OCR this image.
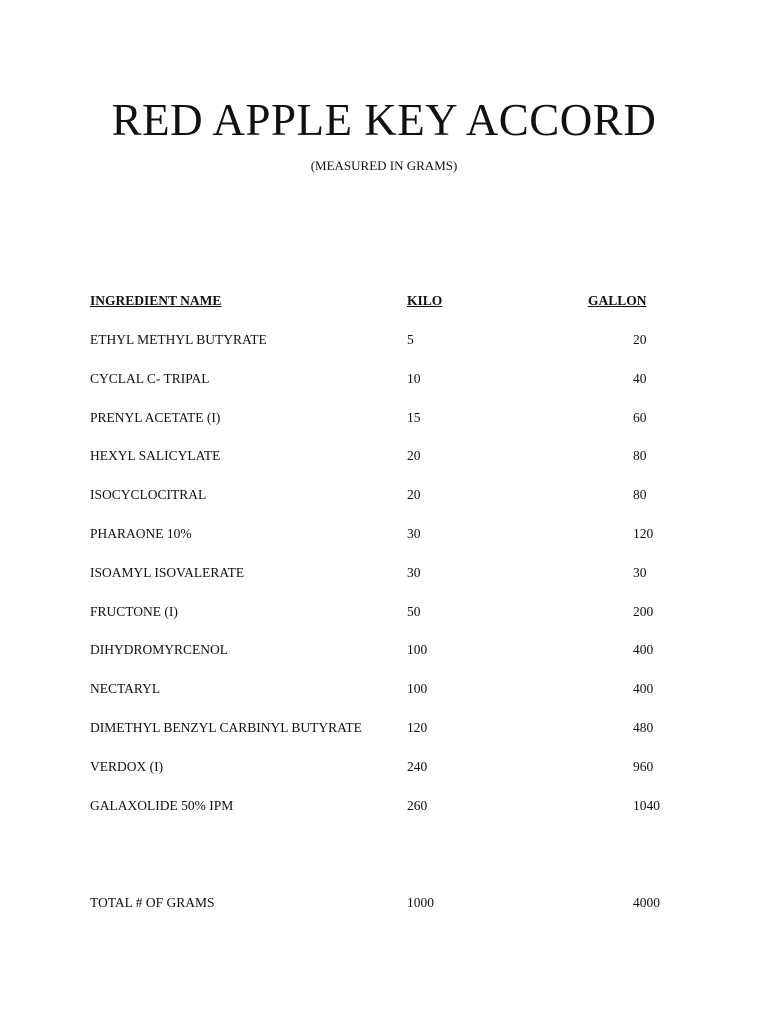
RED APPLE KEY ACCORD
(MEASURED IN GRAMS)
INGREDIENT NAME	KILO	GALLON
ETHYL METHYL BUTYRATE	5	20
CYCLAL C- TRIPAL	10	40
PRENYL ACETATE (I)	15	60
HEXYL SALICYLATE	20	80
ISOCYCLOCITRAL	20	80
PHARAONE 10%	30	120
ISOAMYL ISOVALERATE	30	30
FRUCTONE (I)	50	200
DIHYDROMYRCENOL	100	400
NECTARYL	100	400
DIMETHYL BENZYL CARBINYL BUTYRATE	120	480
VERDOX (I)	240	960
GALAXOLIDE 50% IPM	260	1040
TOTAL # OF GRAMS	1000	4000
